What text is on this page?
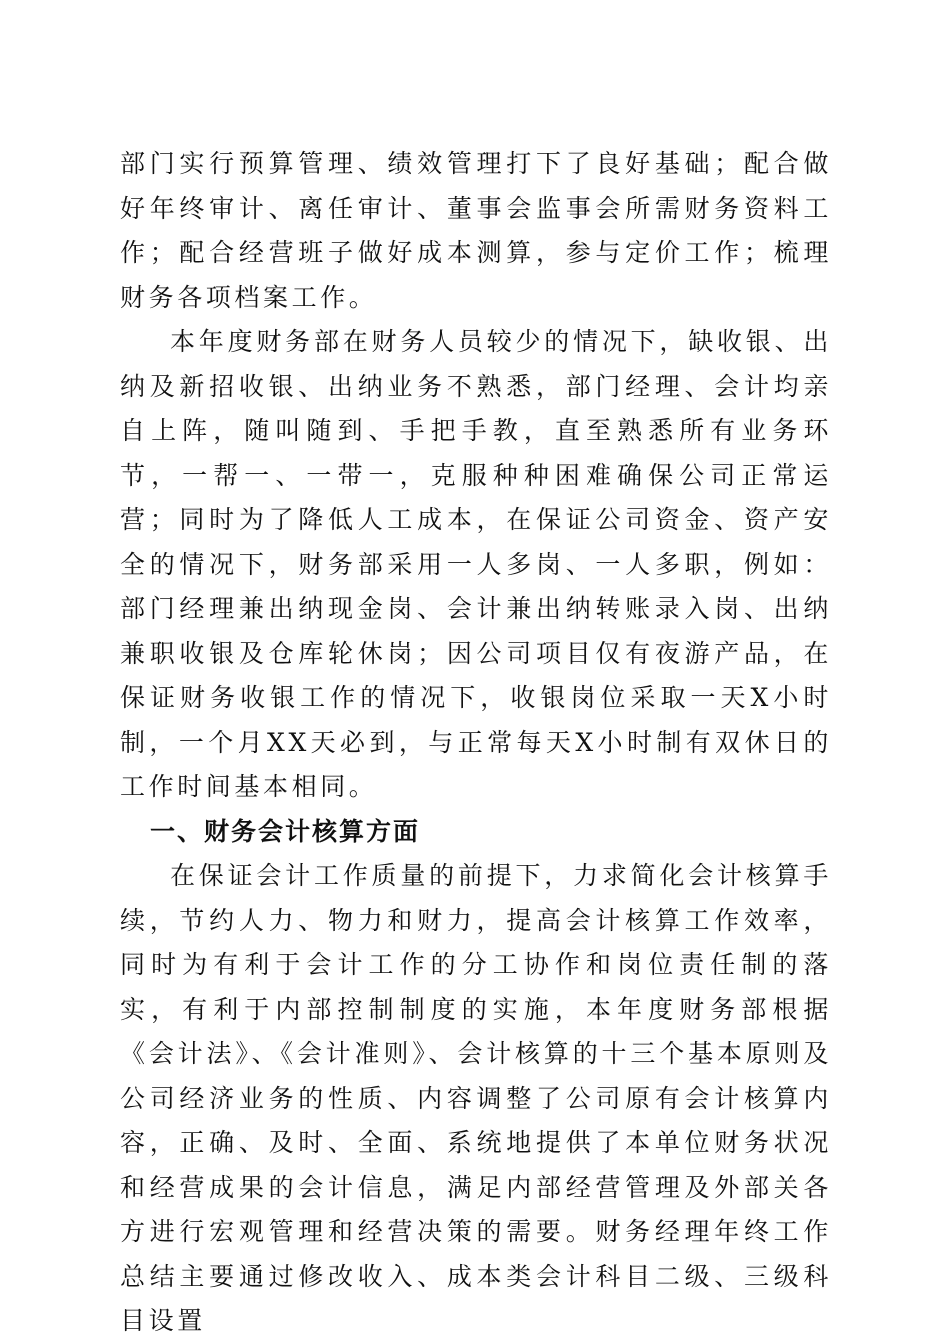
部门实行预算管理、绩效管理打下了良好基础；配合做好年终审计、离任审计、董事会监事会所需财务资料工作；配合经营班子做好成本测算，参与定价工作；梳理财务各项档案工作。

本年度财务部在财务人员较少的情况下，缺收银、出纳及新招收银、出纳业务不熟悉，部门经理、会计均亲自上阵，随叫随到、手把手教，直至熟悉所有业务环节，一帮一、一带一，克服种种困难确保公司正常运营；同时为了降低人工成本，在保证公司资金、资产安全的情况下，财务部采用一人多岗、一人多职，例如：部门经理兼出纳现金岗、会计兼出纳转账录入岗、出纳兼职收银及仓库轮休岗；因公司项目仅有夜游产品，在保证财务收银工作的情况下，收银岗位采取一天X小时制，一个月XX天必到，与正常每天X小时制有双休日的工作时间基本相同。

一、财务会计核算方面

在保证会计工作质量的前提下，力求简化会计核算手续，节约人力、物力和财力，提高会计核算工作效率，同时为有利于会计工作的分工协作和岗位责任制的落实，有利于内部控制制度的实施，本年度财务部根据《会计法》、《会计准则》、会计核算的十三个基本原则及公司经济业务的性质、内容调整了公司原有会计核算内容，正确、及时、全面、系统地提供了本单位财务状况和经营成果的会计信息，满足内部经营管理及外部关各方进行宏观管理和经营决策的需要。财务经理年终工作总结主要通过修改收入、成本类会计科目二级、三级科目设置
